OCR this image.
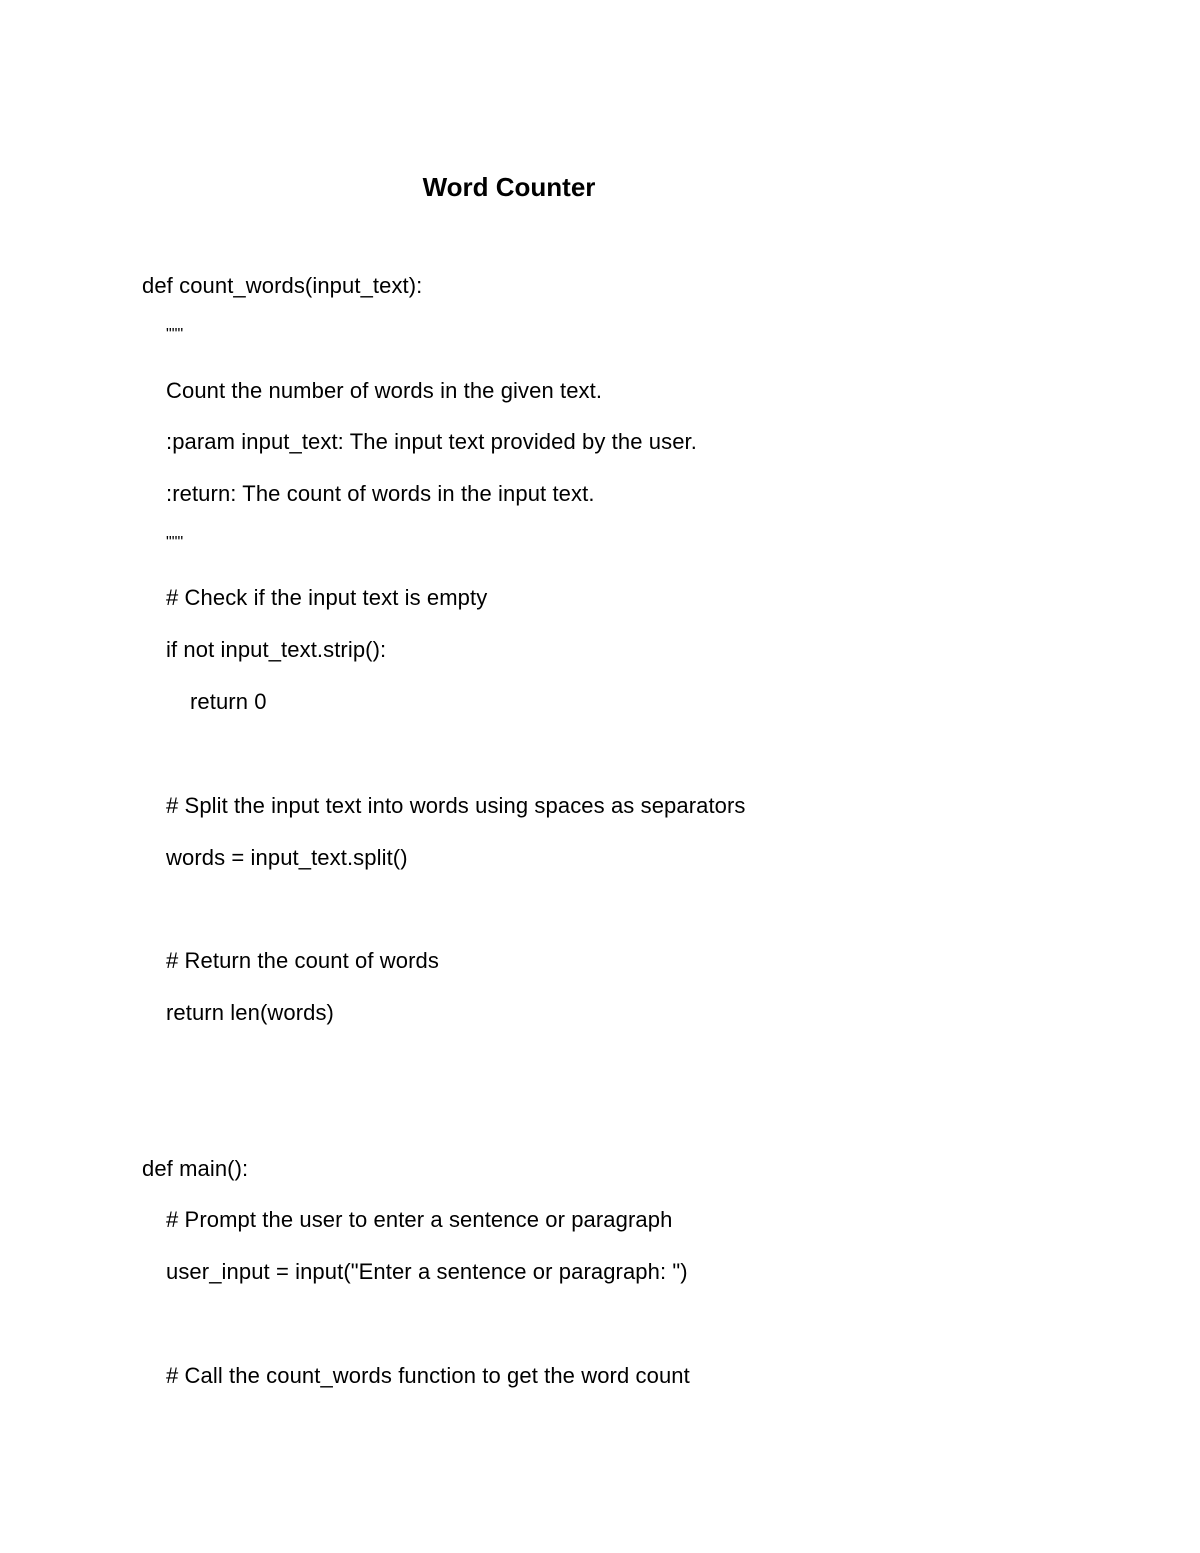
Word Counter
def count_words(input_text):
"""
Count the number of words in the given text.
:param input_text: The input text provided by the user.
:return: The count of words in the input text.
"""
# Check if the input text is empty
if not input_text.strip():
return 0
# Split the input text into words using spaces as separators
words = input_text.split()
# Return the count of words
return len(words)
def main():
# Prompt the user to enter a sentence or paragraph
user_input = input("Enter a sentence or paragraph: ")
# Call the count_words function to get the word count
